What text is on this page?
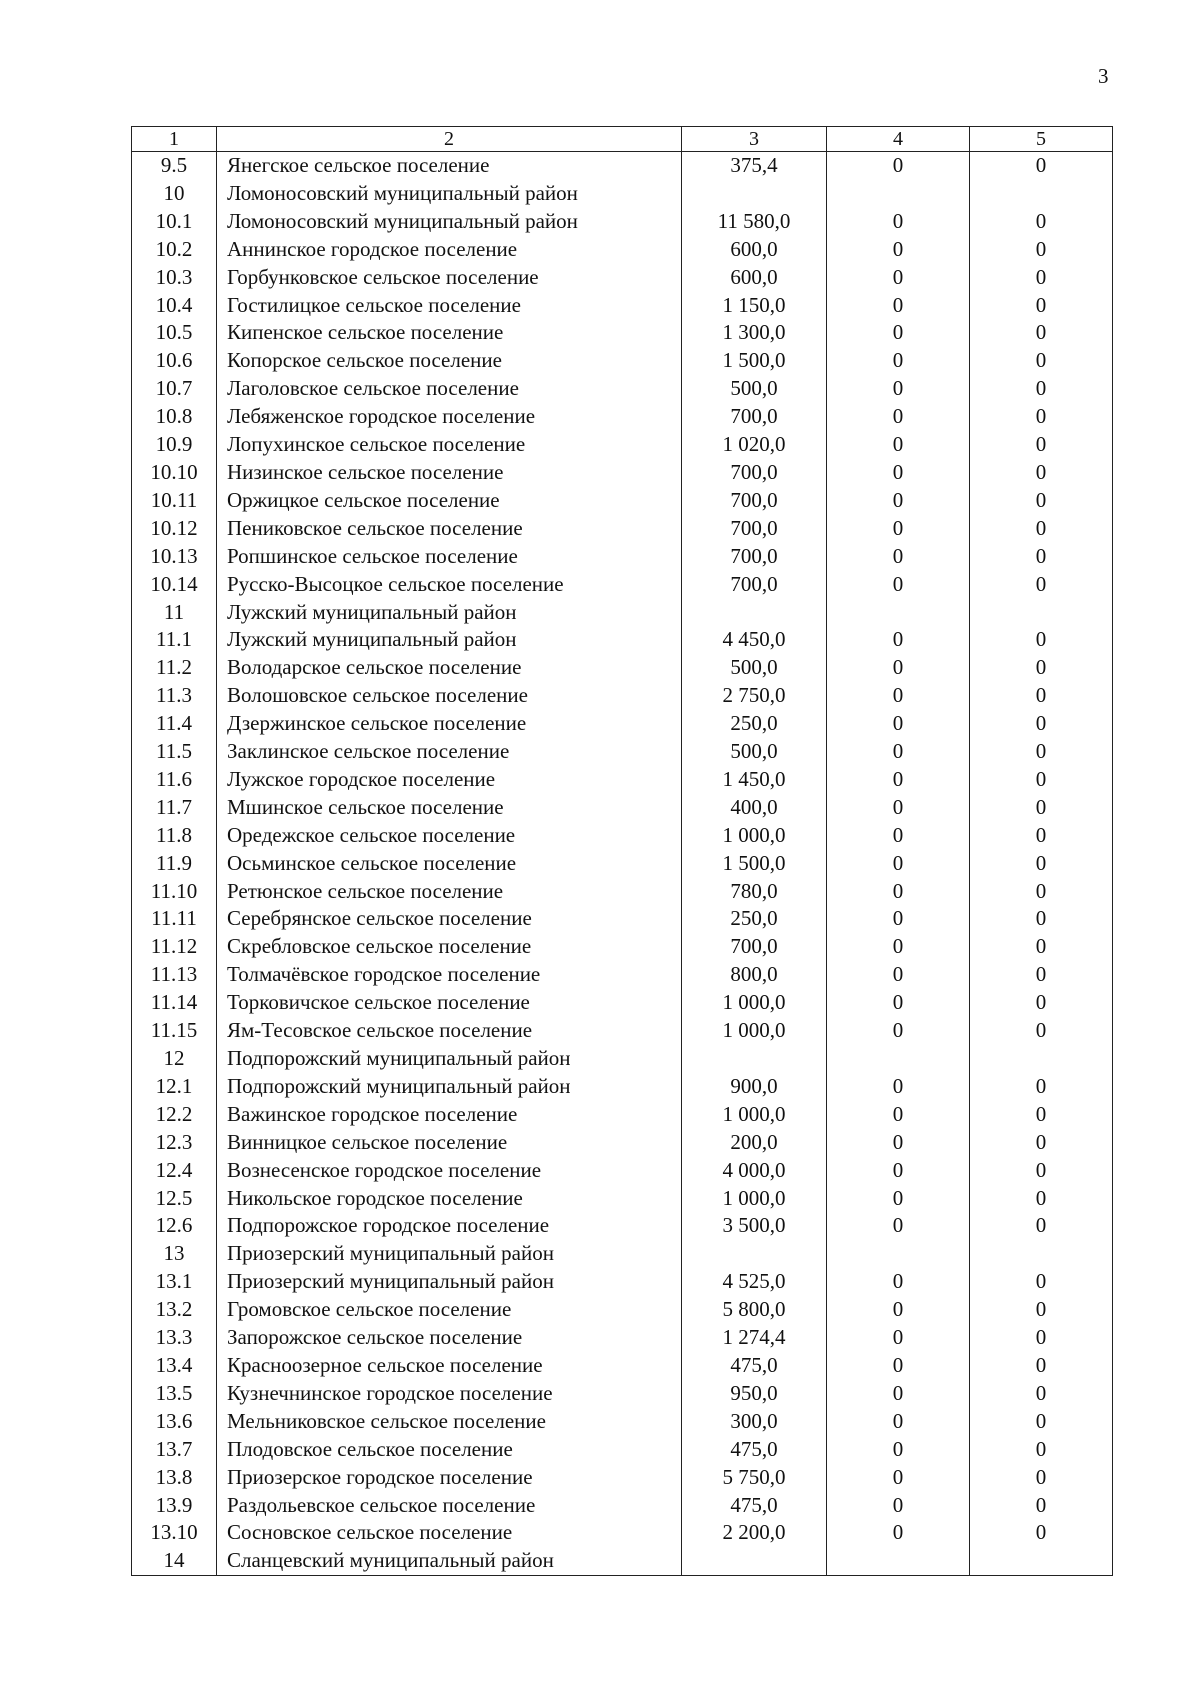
3
1	2	3	4	5
9.5	Янегское сельское поселение	375,4	0	0
10	Ломоносовский муниципальный район			
10.1	Ломоносовский муниципальный район	11 580,0	0	0
10.2	Аннинское городское поселение	600,0	0	0
10.3	Горбунковское сельское поселение	600,0	0	0
10.4	Гостилицкое сельское поселение	1 150,0	0	0
10.5	Кипенское сельское поселение	1 300,0	0	0
10.6	Копорское сельское поселение	1 500,0	0	0
10.7	Лаголовское сельское поселение	500,0	0	0
10.8	Лебяженское городское поселение	700,0	0	0
10.9	Лопухинское сельское поселение	1 020,0	0	0
10.10	Низинское сельское поселение	700,0	0	0
10.11	Оржицкое сельское поселение	700,0	0	0
10.12	Пениковское сельское поселение	700,0	0	0
10.13	Ропшинское сельское поселение	700,0	0	0
10.14	Русско-Высоцкое сельское поселение	700,0	0	0
11	Лужский муниципальный район			
11.1	Лужский муниципальный район	4 450,0	0	0
11.2	Володарское сельское поселение	500,0	0	0
11.3	Волошовское сельское поселение	2 750,0	0	0
11.4	Дзержинское сельское поселение	250,0	0	0
11.5	Заклинское сельское поселение	500,0	0	0
11.6	Лужское городское поселение	1 450,0	0	0
11.7	Мшинское сельское поселение	400,0	0	0
11.8	Оредежское сельское поселение	1 000,0	0	0
11.9	Осьминское сельское поселение	1 500,0	0	0
11.10	Ретюнское сельское поселение	780,0	0	0
11.11	Серебрянское сельское поселение	250,0	0	0
11.12	Скребловское сельское поселение	700,0	0	0
11.13	Толмачёвское городское поселение	800,0	0	0
11.14	Торковичское сельское поселение	1 000,0	0	0
11.15	Ям-Тесовское сельское поселение	1 000,0	0	0
12	Подпорожский муниципальный район			
12.1	Подпорожский муниципальный район	900,0	0	0
12.2	Важинское городское поселение	1 000,0	0	0
12.3	Винницкое сельское поселение	200,0	0	0
12.4	Вознесенское городское поселение	4 000,0	0	0
12.5	Никольское городское поселение	1 000,0	0	0
12.6	Подпорожское городское поселение	3 500,0	0	0
13	Приозерский муниципальный район			
13.1	Приозерский муниципальный район	4 525,0	0	0
13.2	Громовское сельское поселение	5 800,0	0	0
13.3	Запорожское сельское поселение	1 274,4	0	0
13.4	Красноозерное сельское поселение	475,0	0	0
13.5	Кузнечнинское городское поселение	950,0	0	0
13.6	Мельниковское сельское поселение	300,0	0	0
13.7	Плодовское сельское поселение	475,0	0	0
13.8	Приозерское городское поселение	5 750,0	0	0
13.9	Раздольевское сельское поселение	475,0	0	0
13.10	Сосновское сельское поселение	2 200,0	0	0
14	Сланцевский муниципальный район			
